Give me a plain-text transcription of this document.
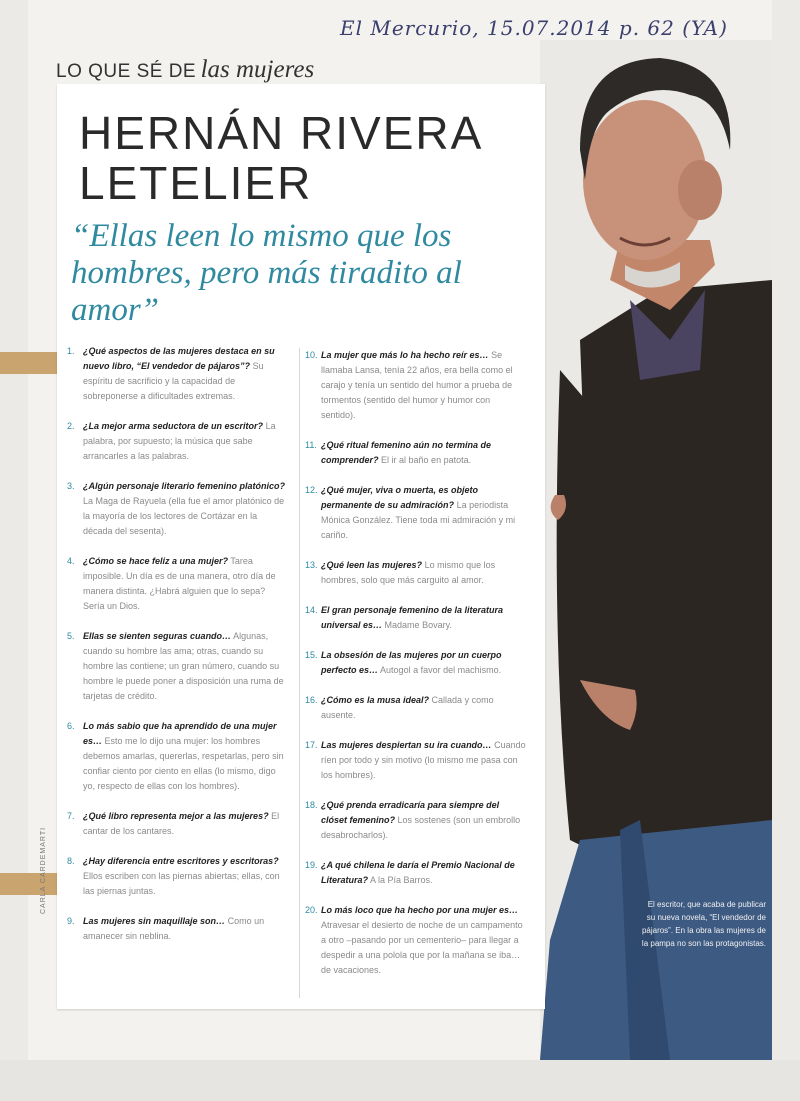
El Mercurio, 15.07.2014 p. 62 (YA)
LO QUE SÉ DE las mujeres
El escritor, que acaba de publicar su nueva novela, “El vendedor de pájaros”. En la obra las mujeres de la pampa no son las protagonistas.
HERNÁN RIVERA
LETELIER
“Ellas leen lo mismo que los hombres, pero más tiradito al amor”
1. ¿Qué aspectos de las mujeres destaca en su nuevo libro, “El vendedor de pájaros”? Su espíritu de sacrificio y la capacidad de sobreponerse a dificultades extremas.
2. ¿La mejor arma seductora de un escritor? La palabra, por supuesto; la música que sabe arrancarles a las palabras.
3. ¿Algún personaje literario femenino platónico? La Maga de Rayuela (ella fue el amor platónico de la mayoría de los lectores de Cortázar en la década del sesenta).
4. ¿Cómo se hace feliz a una mujer? Tarea imposible. Un día es de una manera, otro día de manera distinta. ¿Habrá alguien que lo sepa? Sería un Dios.
5. Ellas se sienten seguras cuando… Algunas, cuando su hombre las ama; otras, cuando su hombre las contiene; un gran número, cuando su hombre le puede poner a disposición una ruma de tarjetas de crédito.
6. Lo más sabio que ha aprendido de una mujer es… Esto me lo dijo una mujer: los hombres debemos amarlas, quererlas, respetarlas, pero sin confiar ciento por ciento en ellas (lo mismo, digo yo, respecto de ellas con los hombres).
7. ¿Qué libro representa mejor a las mujeres? El cantar de los cantares.
8. ¿Hay diferencia entre escritores y escritoras? Ellos escriben con las piernas abiertas; ellas, con las piernas juntas.
9. Las mujeres sin maquillaje son… Como un amanecer sin neblina.
10. La mujer que más lo ha hecho reír es… Se llamaba Lansa, tenía 22 años, era bella como el carajo y tenía un sentido del humor a prueba de tormentos (sentido del humor y humor con sentido).
11. ¿Qué ritual femenino aún no termina de comprender? El ir al baño en patota.
12. ¿Qué mujer, viva o muerta, es objeto permanente de su admiración? La periodista Mónica González. Tiene toda mi admiración y mi cariño.
13. ¿Qué leen las mujeres? Lo mismo que los hombres, solo que más carguito al amor.
14. El gran personaje femenino de la literatura universal es… Madame Bovary.
15. La obsesión de las mujeres por un cuerpo perfecto es… Autogol a favor del machismo.
16. ¿Cómo es la musa ideal? Callada y como ausente.
17. Las mujeres despiertan su ira cuando… Cuando ríen por todo y sin motivo (lo mismo me pasa con los hombres).
18. ¿Qué prenda erradicaría para siempre del clóset femenino? Los sostenes (son un embrollo desabrocharlos).
19. ¿A qué chilena le daría el Premio Nacional de Literatura? A la Pía Barros.
20. Lo más loco que ha hecho por una mujer es… Atravesar el desierto de noche de un campamento a otro –pasando por un cementerio– para llegar a despedir a una polola que por la mañana se iba… de vacaciones.
CARLA CARDEMARTI
